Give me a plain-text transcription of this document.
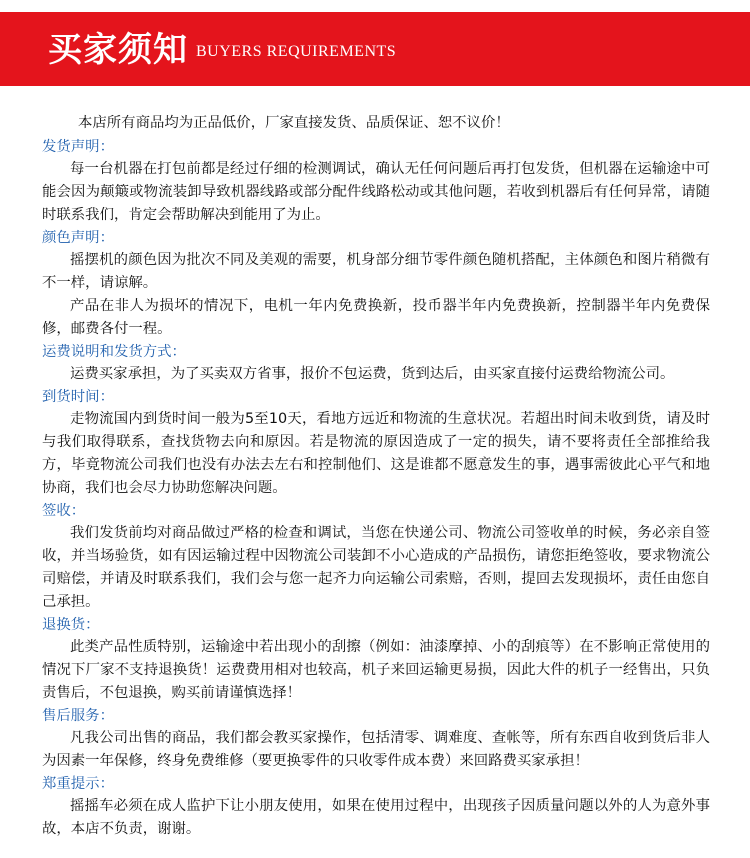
买家须知 BUYERS REQUIREMENTS

本店所有商品均为正品低价，厂家直接发货、品质保证、恕不议价！

发货声明：

每一台机器在打包前都是经过仔细的检测调试，确认无任何问题后再打包发货，但机器在运输途中可能会因为颠簸或物流装卸导致机器线路或部分配件线路松动或其他问题，若收到机器后有任何异常，请随时联系我们，肯定会帮助解决到能用了为止。

颜色声明：

摇摆机的颜色因为批次不同及美观的需要，机身部分细节零件颜色随机搭配，主体颜色和图片稍微有不一样，请谅解。

产品在非人为损坏的情况下，电机一年内免费换新，投币器半年内免费换新，控制器半年内免费保修，邮费各付一程。

运费说明和发货方式：

运费买家承担，为了买卖双方省事，报价不包运费，货到达后，由买家直接付运费给物流公司。

到货时间：

走物流国内到货时间一般为5至10天，看地方远近和物流的生意状况。若超出时间未收到货，请及时与我们取得联系，查找货物去向和原因。若是物流的原因造成了一定的损失，请不要将责任全部推给我方，毕竟物流公司我们也没有办法去左右和控制他们、这是谁都不愿意发生的事，遇事需彼此心平气和地协商，我们也会尽力协助您解决问题。

签收：

我们发货前均对商品做过严格的检查和调试，当您在快递公司、物流公司签收单的时候，务必亲自签收，并当场验货，如有因运输过程中因物流公司装卸不小心造成的产品损伤，请您拒绝签收，要求物流公司赔偿，并请及时联系我们，我们会与您一起齐力向运输公司索赔，否则，提回去发现损坏，责任由您自己承担。

退换货：

此类产品性质特别，运输途中若出现小的刮擦（例如：油漆摩掉、小的刮痕等）在不影响正常使用的情况下厂家不支持退换货！运费费用相对也较高，机子来回运输更易损，因此大件的机子一经售出，只负责售后，不包退换，购买前请谨慎选择！

售后服务：

凡我公司出售的商品，我们都会教买家操作，包括清零、调难度、查帐等，所有东西自收到货后非人为因素一年保修，终身免费维修（要更换零件的只收零件成本费）来回路费买家承担！

郑重提示：

摇摇车必须在成人监护下让小朋友使用，如果在使用过程中，出现孩子因质量问题以外的人为意外事故，本店不负责，谢谢。
